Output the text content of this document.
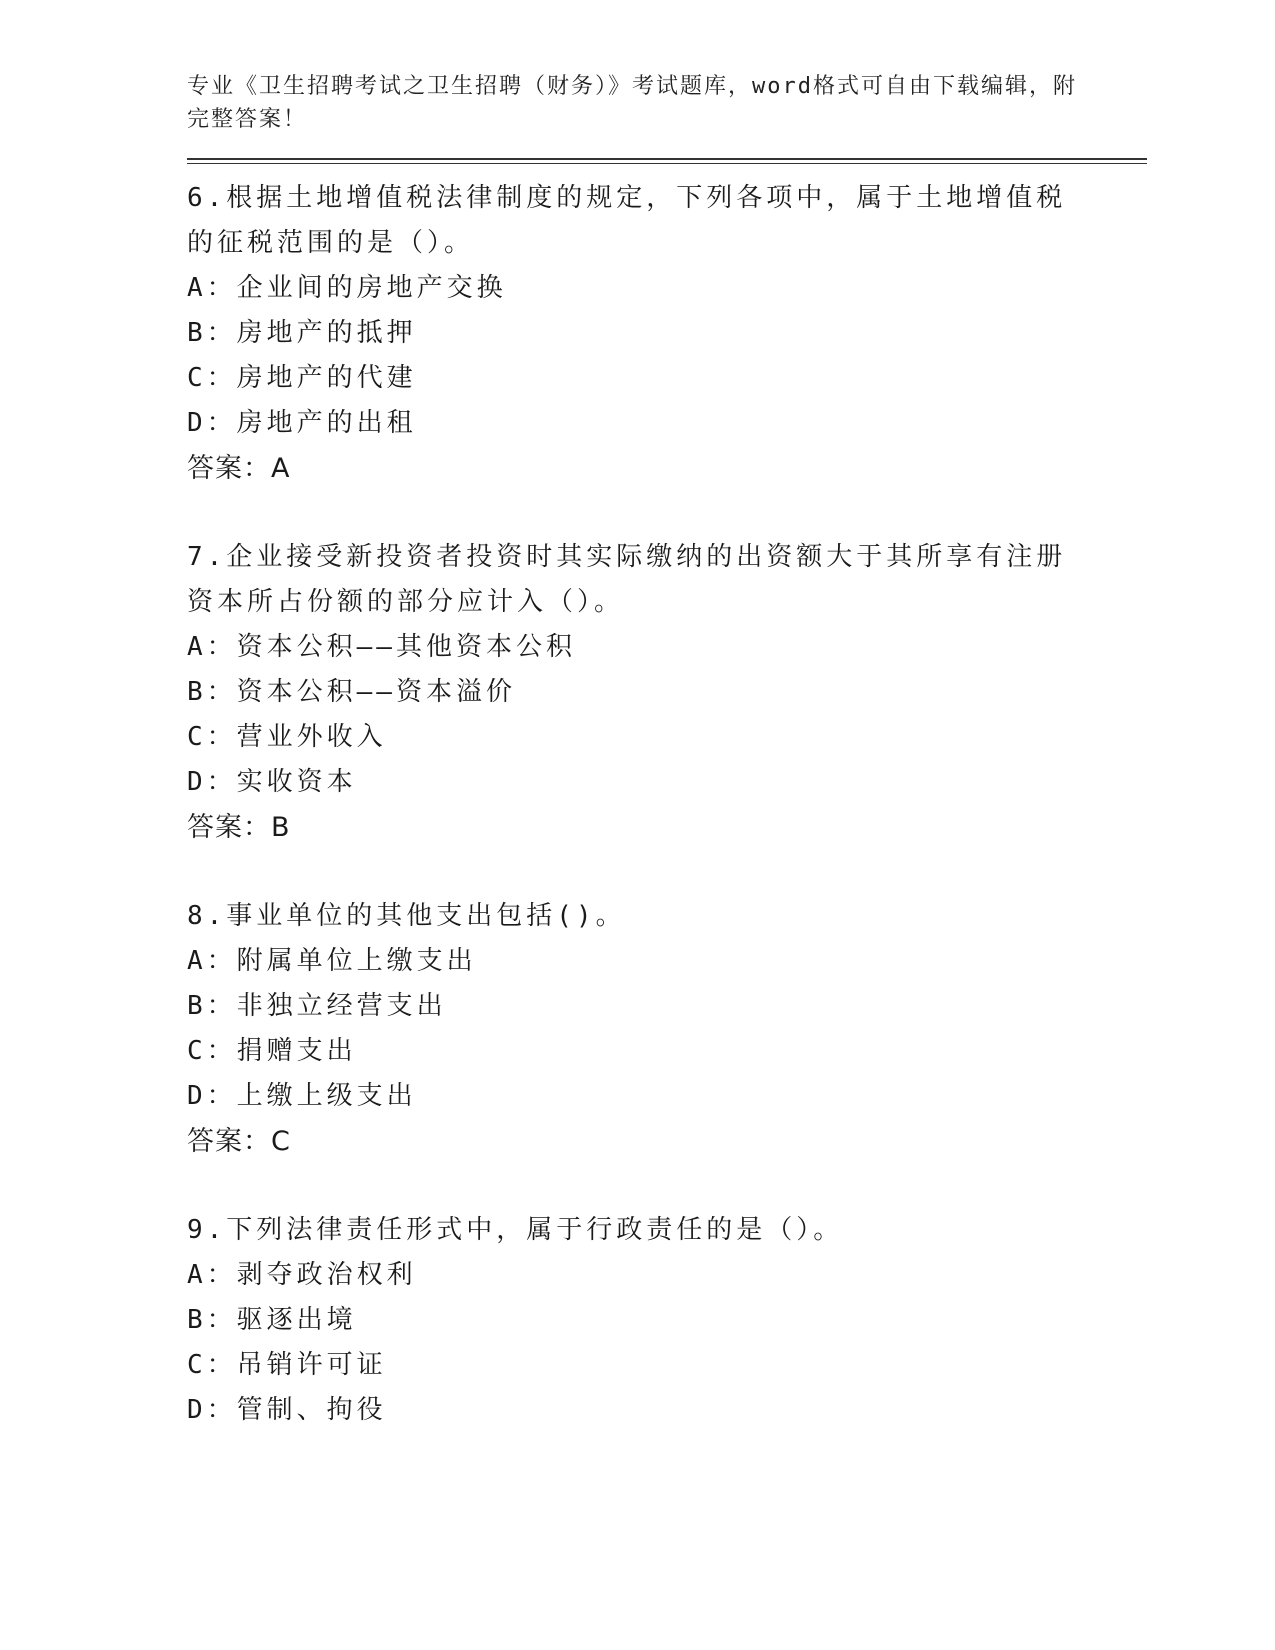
专业《卫生招聘考试之卫生招聘（财务）》考试题库，word格式可自由下载编辑，附完整答案！
6.根据土地增值税法律制度的规定，下列各项中，属于土地增值税的征税范围的是（）。
A：企业间的房地产交换
B：房地产的抵押
C：房地产的代建
D：房地产的出租
答案：A
7.企业接受新投资者投资时其实际缴纳的出资额大于其所享有注册资本所占份额的部分应计入（）。
A：资本公积——其他资本公积
B：资本公积——资本溢价
C：营业外收入
D：实收资本
答案：B
8.事业单位的其他支出包括()。
A：附属单位上缴支出
B：非独立经营支出
C：捐赠支出
D：上缴上级支出
答案：C
9.下列法律责任形式中，属于行政责任的是（）。
A：剥夺政治权利
B：驱逐出境
C：吊销许可证
D：管制、拘役
